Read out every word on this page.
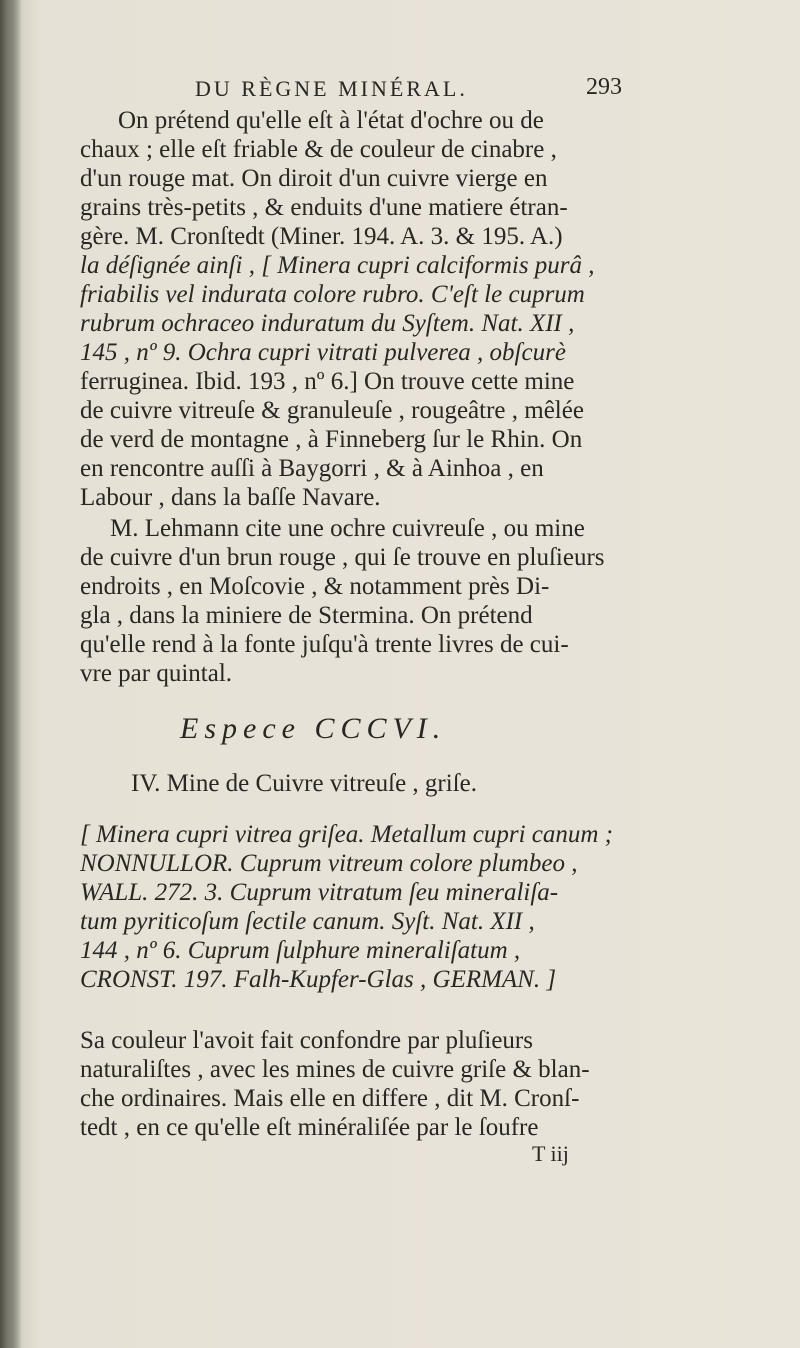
DU RÈGNE MINÉRAL.	293
On prétend qu'elle eſt à l'état d'ochre ou de
chaux ; elle eſt friable & de couleur de cinabre ,
d'un rouge mat. On diroit d'un cuivre vierge en
grains très-petits , & enduits d'une matiere étran-
gère. M. Cronſtedt (Miner. 194. A. 3. & 195. A.)
la déſignée ainſi , [ Minera cupri calciformis purâ ,
friabilis vel indurata colore rubro. C'eſt le cuprum
rubrum ochraceo induratum du Syſtem. Nat. XII ,
145 , nº 9. Ochra cupri vitrati pulverea , obſcurè
ferruginea. Ibid. 193 , nº 6.] On trouve cette mine
de cuivre vitreuſe & granuleuſe , rougeâtre , mêlée
de verd de montagne , à Finneberg ſur le Rhin. On
en rencontre auſſi à Baygorri , & à Ainhoa , en
Labour , dans la baſſe Navare.
M. Lehmann cite une ochre cuivreuſe , ou mine
de cuivre d'un brun rouge , qui ſe trouve en pluſieurs
endroits , en Moſcovie , & notamment près Di-
gla , dans la miniere de Stermina. On prétend
qu'elle rend à la fonte juſqu'à trente livres de cui-
vre par quintal.
Espece CCCVI.
IV. Mine de Cuivre vitreuſe , griſe.
[ Minera cupri vitrea griſea. Metallum cupri canum ;
NONNULLOR. Cuprum vitreum colore plumbeo ,
WALL. 272. 3. Cuprum vitratum ſeu mineraliſa-
tum pyriticoſum ſectile canum. Syſt. Nat. XII ,
144 , nº 6. Cuprum ſulphure mineraliſatum ,
CRONST. 197. Falh-Kupfer-Glas , GERMAN. ]
Sa couleur l'avoit fait confondre par pluſieurs
naturaliſtes , avec les mines de cuivre griſe & blan-
che ordinaires. Mais elle en differe , dit M. Cronſ-
tedt , en ce qu'elle eſt minéraliſée par le ſoufre
T iij
